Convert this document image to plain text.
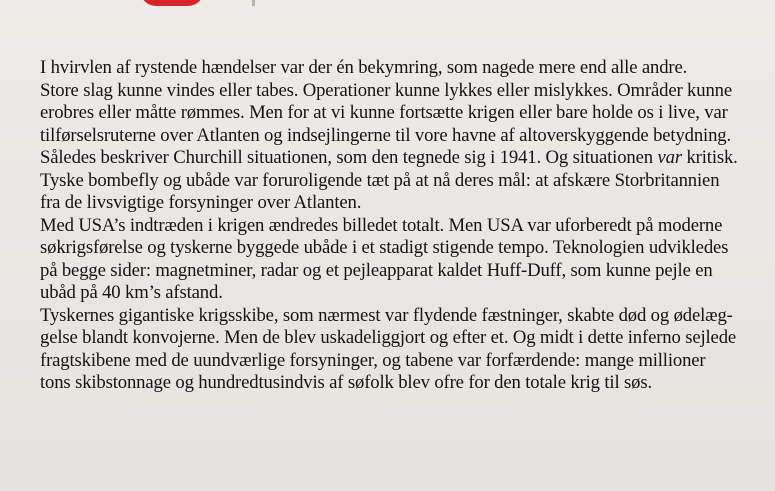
I hvirvlen af rystende hændelser var der én bekymring, som nagede mere end alle andre.
Store slag kunne vindes eller tabes. Operationer kunne lykkes eller mislykkes. Områder kunne
erobres eller måtte rømmes. Men for at vi kunne fortsætte krigen eller bare holde os i live, var
tilførselsruterne over Atlanten og indsejlingerne til vore havne af altoverskyggende betydning.
Således beskriver Churchill situationen, som den tegnede sig i 1941. Og situationen var kritisk.
Tyske bombefly og ubåde var foruroligende tæt på at nå deres mål: at afskære Storbritannien
fra de livsvigtige forsyninger over Atlanten.
Med USA’s indtræden i krigen ændredes billedet totalt. Men USA var uforberedt på moderne
søkrigsførelse og tyskerne byggede ubåde i et stadigt stigende tempo. Teknologien udvikledes
på begge sider: magnetminer, radar og et pejleapparat kaldet Huff-Duff, som kunne pejle en
ubåd på 40 km’s afstand.
Tyskernes gigantiske krigsskibe, som nærmest var flydende fæstninger, skabte død og ødelæg-
gelse blandt konvojerne. Men de blev uskadeliggjort og efter et. Og midt i dette inferno sejlede
fragtskibene med de uundværlige forsyninger, og tabene var forfærdende: mange millioner
tons skibstonnage og hundredtusindvis af søfolk blev ofre for den totale krig til søs.
